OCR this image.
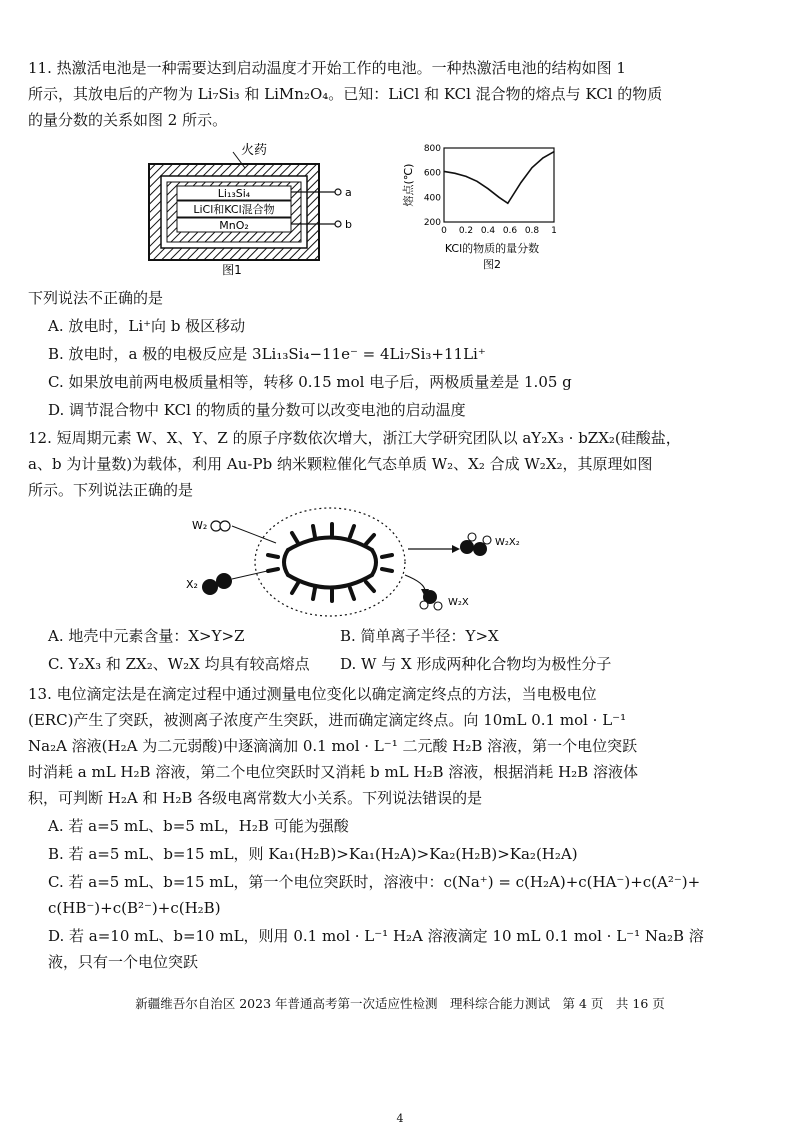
11. 热激活电池是一种需要达到启动温度才开始工作的电池。一种热激活电池的结构如图 1
所示，其放电后的产物为 Li₇Si₃ 和 LiMn₂O₄。已知：LiCl 和 KCl 混合物的熔点与 KCl 的物质
的量分数的关系如图 2 所示。
Li₁₃Si₄
LiCl和KCl混合物
MnO₂
火药
a
b
图1
0 0.2 0.4 0.6 0.8 1
200
400
600
800
熔点(℃)
KCl的物质的量分数
图2
下列说法不正确的是
A. 放电时，Li⁺向 b 极区移动
B. 放电时，a 极的电极反应是 3Li₁₃Si₄−11e⁻ = 4Li₇Si₃+11Li⁺
C. 如果放电前两电极质量相等，转移 0.15 mol 电子后，两极质量差是 1.05 g
D. 调节混合物中 KCl 的物质的量分数可以改变电池的启动温度
12. 短周期元素 W、X、Y、Z 的原子序数依次增大，浙江大学研究团队以 aY₂X₃ · bZX₂(硅酸盐，
a、b 为计量数)为载体，利用 Au-Pb 纳米颗粒催化气态单质 W₂、X₂ 合成 W₂X₂，其原理如图
所示。下列说法正确的是
W₂
X₂
W₂X₂
W₂X
A. 地壳中元素含量：X>Y>Z	B. 简单离子半径：Y>X
C. Y₂X₃ 和 ZX₂、W₂X 均具有较高熔点 D. W 与 X 形成两种化合物均为极性分子
13. 电位滴定法是在滴定过程中通过测量电位变化以确定滴定终点的方法，当电极电位
(ERC)产生了突跃，被测离子浓度产生突跃，进而确定滴定终点。向 10mL 0.1 mol · L⁻¹
Na₂A 溶液(H₂A 为二元弱酸)中逐滴滴加 0.1 mol · L⁻¹ 二元酸 H₂B 溶液，第一个电位突跃
时消耗 a mL H₂B 溶液，第二个电位突跃时又消耗 b mL H₂B 溶液，根据消耗 H₂B 溶液体
积，可判断 H₂A 和 H₂B 各级电离常数大小关系。下列说法错误的是
A. 若 a=5 mL、b=5 mL，H₂B 可能为强酸
B. 若 a=5 mL、b=15 mL，则 Ka₁(H₂B)>Ka₁(H₂A)>Ka₂(H₂B)>Ka₂(H₂A)
C. 若 a=5 mL、b=15 mL，第一个电位突跃时，溶液中：c(Na⁺) = c(H₂A)+c(HA⁻)+c(A²⁻)+
c(HB⁻)+c(B²⁻)+c(H₂B)
D. 若 a=10 mL、b=10 mL，则用 0.1 mol · L⁻¹ H₂A 溶液滴定 10 mL 0.1 mol · L⁻¹ Na₂B 溶
液，只有一个电位突跃
新疆维吾尔自治区 2023 年普通高考第一次适应性检测　理科综合能力测试　第 4 页　共 16 页
4
